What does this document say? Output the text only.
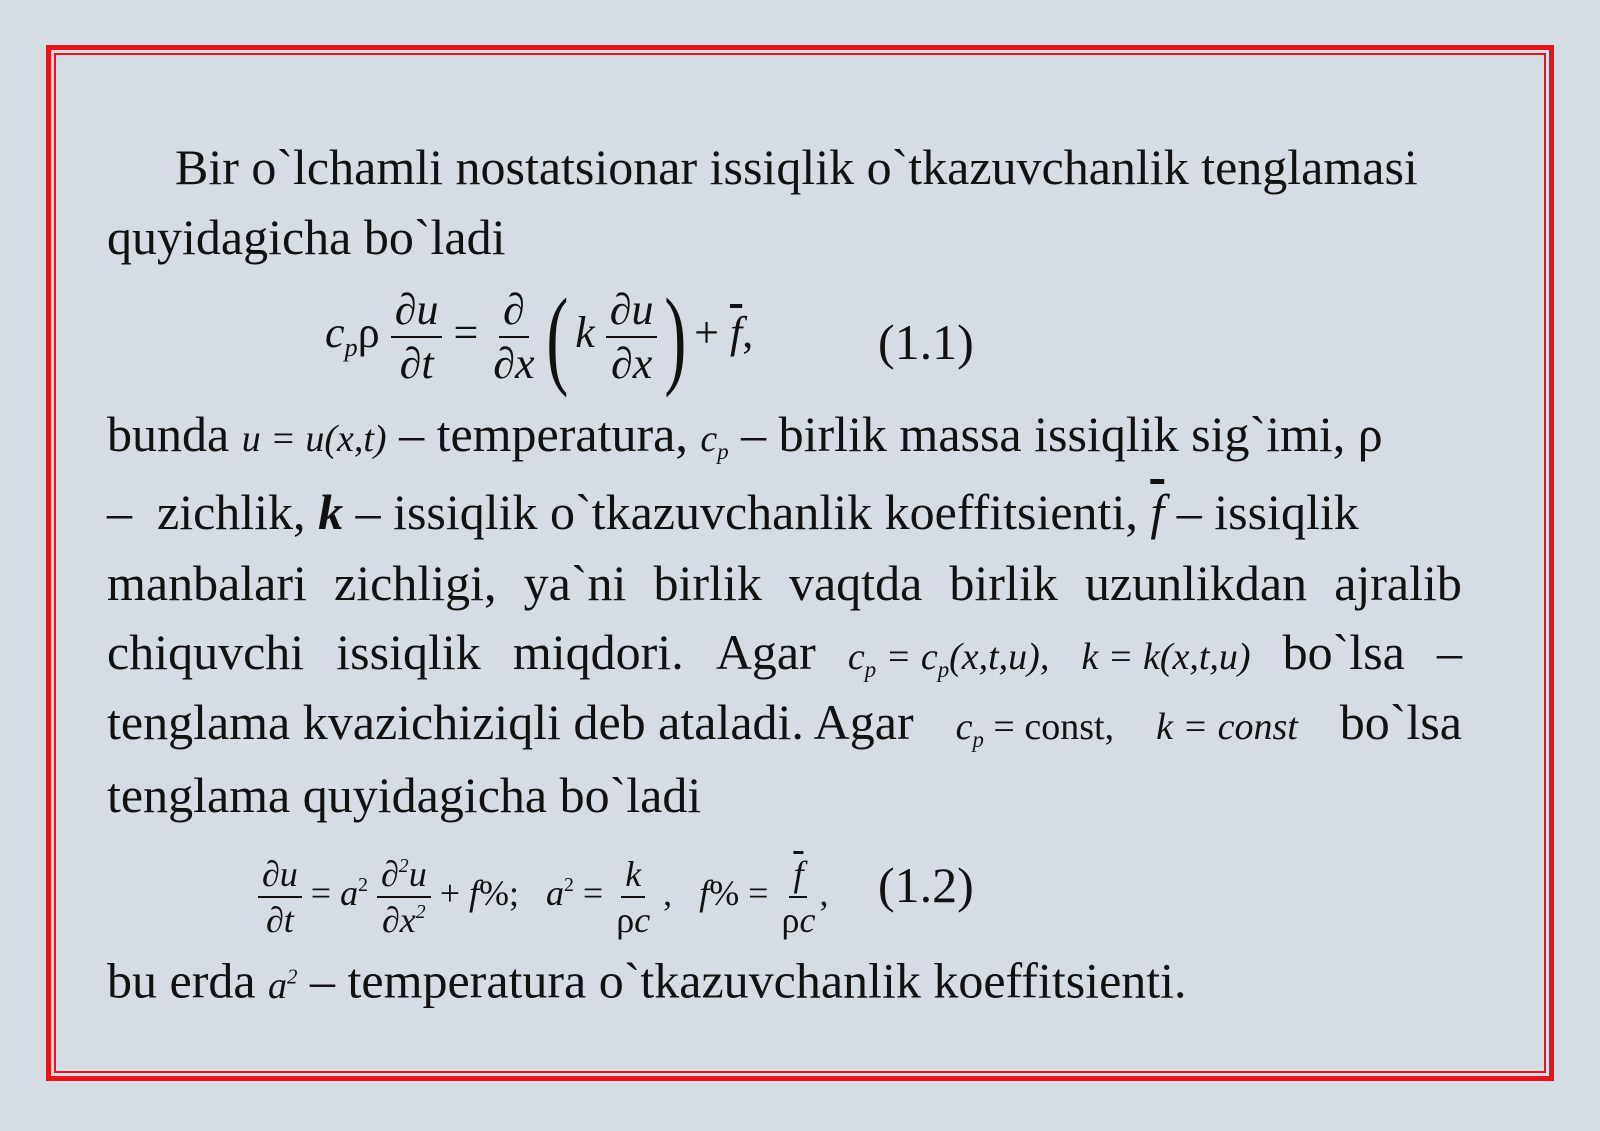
Bir o`lchamli nostatsionar issiqlik o`tkazuvchanlik tenglamasi
quyidagicha bo`ladi
$c_p\rho \frac{\partial u}{\partial t} = \frac{\partial}{\partial x}$ ( k $\frac{\partial u}{\partial x}$ ) + $\overline{f}$, (1.1)
bunda u = u(x,t) – temperatura, $c_p$ – birlik massa issiqlik sig`imi, ρ
– zichlik, k – issiqlik o`tkazuvchanlik koeffitsienti, $\overline{f}$ – issiqlik
manbalari zichligi, ya`ni birlik vaqtda birlik uzunlikdan ajralib
chiquvchi issiqlik miqdori. Agar $c_p = c_p(x,t,u)$, k = k(x,t,u) bo`lsa –
tenglama kvazichiziqli deb ataladi. Agar $c_p$ = const, k = const bo`lsa
tenglama quyidagicha bo`ladi
$\frac{\partial u}{\partial t} = a^2 \frac{\partial^2u}{\partial x^2} + f\%$;   $a^2 = \frac{k}{\rho c}$ ,   $f\% = \frac{\overline{f}}{\rho c}$ , (1.2)
bu erda $a^2$ – temperatura o`tkazuvchanlik koeffitsienti.
